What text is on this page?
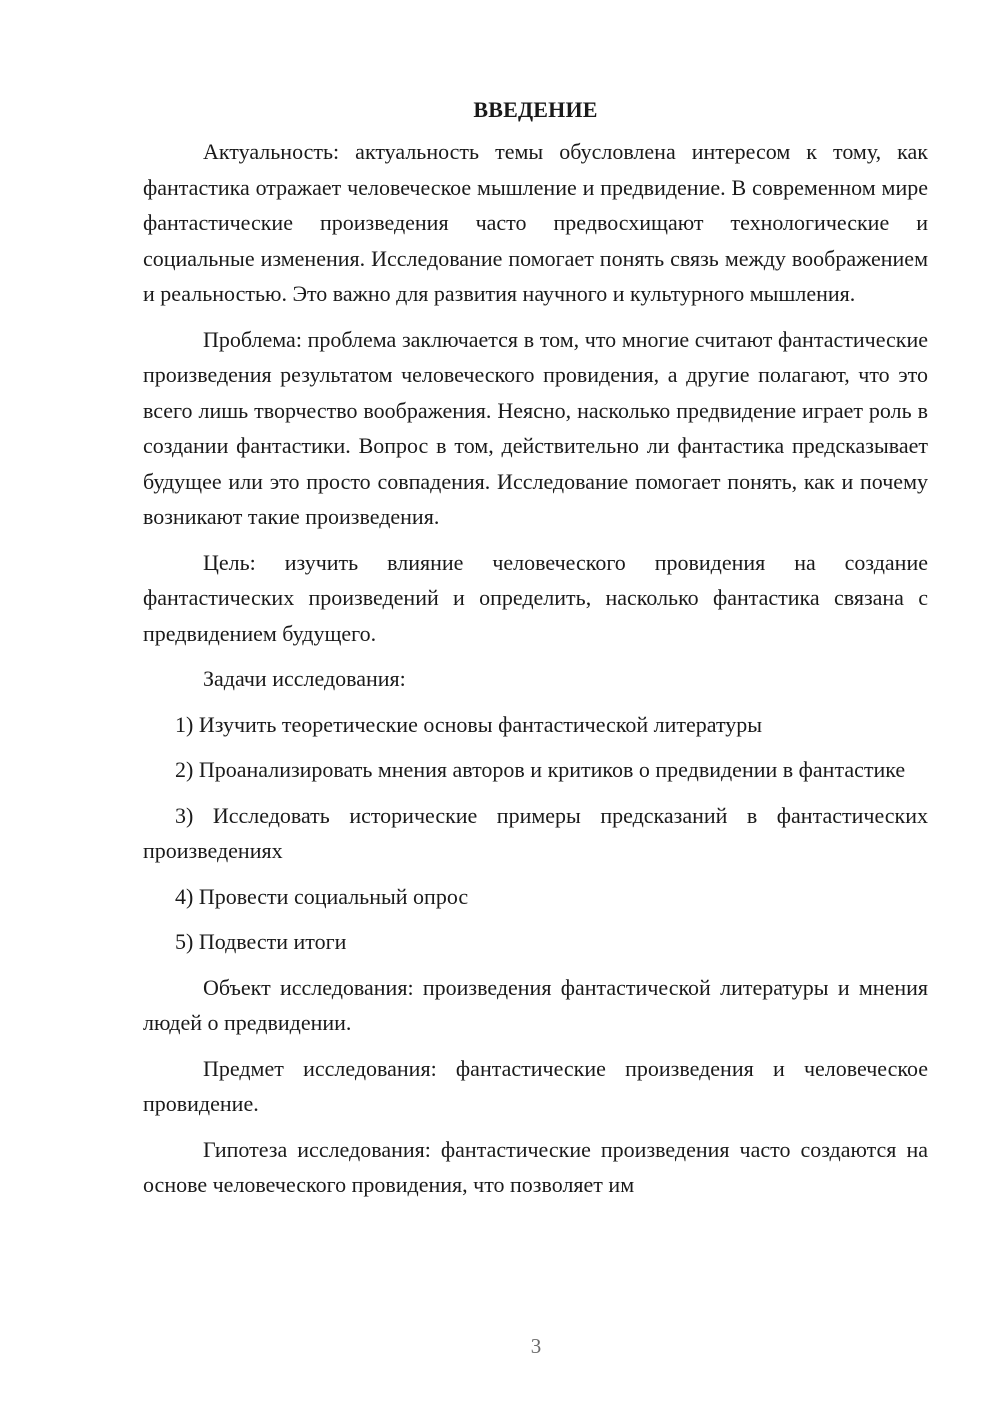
ВВЕДЕНИЕ

Актуальность: актуальность темы обусловлена интересом к тому, как фантастика отражает человеческое мышление и предвидение. В современном мире фантастические произведения часто предвосхищают технологические и социальные изменения. Исследование помогает понять связь между воображением и реальностью. Это важно для развития научного и культурного мышления.

Проблема: проблема заключается в том, что многие считают фантастические произведения результатом человеческого провидения, а другие полагают, что это всего лишь творчество воображения. Неясно, насколько предвидение играет роль в создании фантастики. Вопрос в том, действительно ли фантастика предсказывает будущее или это просто совпадения. Исследование помогает понять, как и почему возникают такие произведения.

Цель: изучить влияние человеческого провидения на создание фантастических произведений и определить, насколько фантастика связана с предвидением будущего.

Задачи исследования:

1) Изучить теоретические основы фантастической литературы

2) Проанализировать мнения авторов и критиков о предвидении в фантастике

3) Исследовать исторические примеры предсказаний в фантастических произведениях

4) Провести социальный опрос

5) Подвести итоги

Объект исследования: произведения фантастической литературы и мнения людей о предвидении.

Предмет исследования: фантастические произведения и человеческое провидение.

Гипотеза исследования: фантастические произведения часто создаются на основе человеческого провидения, что позволяет им

3
